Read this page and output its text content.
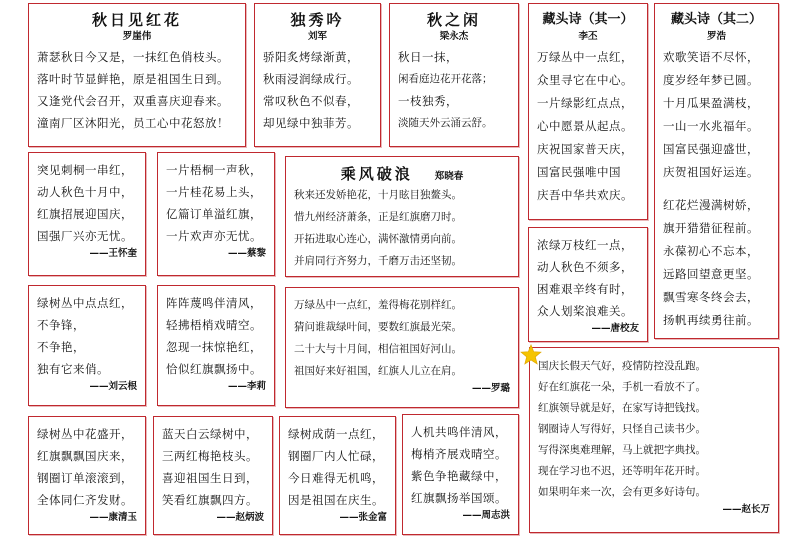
秋日见红花
罗崖伟
萧瑟秋日今又是，一抹红色俏枝头。
落叶时节显鲜艳，原是祖国生日到。
又逢党代会召开，双重喜庆迎春来。
潼南厂区沐阳光，员工心中花怒放！
独秀吟
刘军
骄阳炙烤绿渐黄，
秋雨浸润绿成行。
常叹秋色不似春，
却见绿中独菲芳。
秋之闲
梁永杰
秋日一抹，
闲看庭边花开花落；
一枝独秀，
淡随天外云涌云舒。
藏头诗（其一）
李丕
万绿丛中一点红，
众里寻它在中心。
一片绿影红点点，
心中愿景从起点。
庆祝国家普天庆，
国富民强唯中国
庆吾中华共欢庆。
藏头诗（其二）
罗浩
欢歌笑语不尽怀，
度岁经年梦已圆。
十月瓜果盈满枝，
一山一水兆福年。
国富民强迎盛世，
庆贺祖国好运连。
红花烂漫满树娇，
旗开猎猎征程前。
永葆初心不忘本，
远路回望意更坚。
飘雪寒冬终会去，
扬帆再续勇往前。
突见刺桐一串红，
动人秋色十月中，
红旗招展迎国庆，
国强厂兴亦无忧。
——王怀奎
一片梧桐一声秋，
一片桂花易上头，
亿篇订单溢红旗，
一片欢声亦无忧。
——蔡黎
乘风破浪 郑晓春
秋来还发娇艳花，十月眩目独鳌头。
惜九州经济萧条，正是红旗磨刀时。
开拓进取心连心，满怀激情勇向前。
并肩同行齐努力，千磨万击还坚韧。
浓绿万枝红一点，
动人秋色不须多，
困难艰辛终有时，
众人划桨浪难关。
——唐校友
绿树丛中点点红，
不争锋，
不争艳，
独有它来俏。
——刘云根
阵阵蔑鸣伴清风，
轻拂梧梢戏晴空。
忽现一抹惊艳红，
恰似红旗飘扬中。
——李莉
万绿丛中一点红，羞得梅花别样红。
猜问谁裁绿叶间，要数红旗最光荣。
二十大与十月间，相信祖国好河山。
祖国好来好祖国，红旗人儿立在肩。
——罗璐
国庆长假天气好，疫情防控没乱跑。
好在红旗花一朵，手机一看放不了。
红旗领导就是好，在家写诗把钱找。
钢圈诗人写得好，只怪自己读书少。
写得深奥难理解，马上就把字典找。
现在学习也不迟，还等明年花开时。
如果明年来一次，会有更多好诗句。
——赵长万
绿树丛中花盛开，
红旗飘飘国庆来，
钢圈订单滚滚到，
全体同仁齐发财。
——康清玉
蓝天白云绿树中，
三两红梅艳枝头。
喜迎祖国生日到，
笑看红旗飘四方。
——赵炳波
绿树成荫一点红，
钢圈厂内人忙碌，
今日难得无机鸣，
因是祖国在庆生。
——张金富
人机共鸣伴清风，
梅梢齐展戏晴空。
紫色争艳藏绿中，
红旗飘扬举国颂。
——周志洪
